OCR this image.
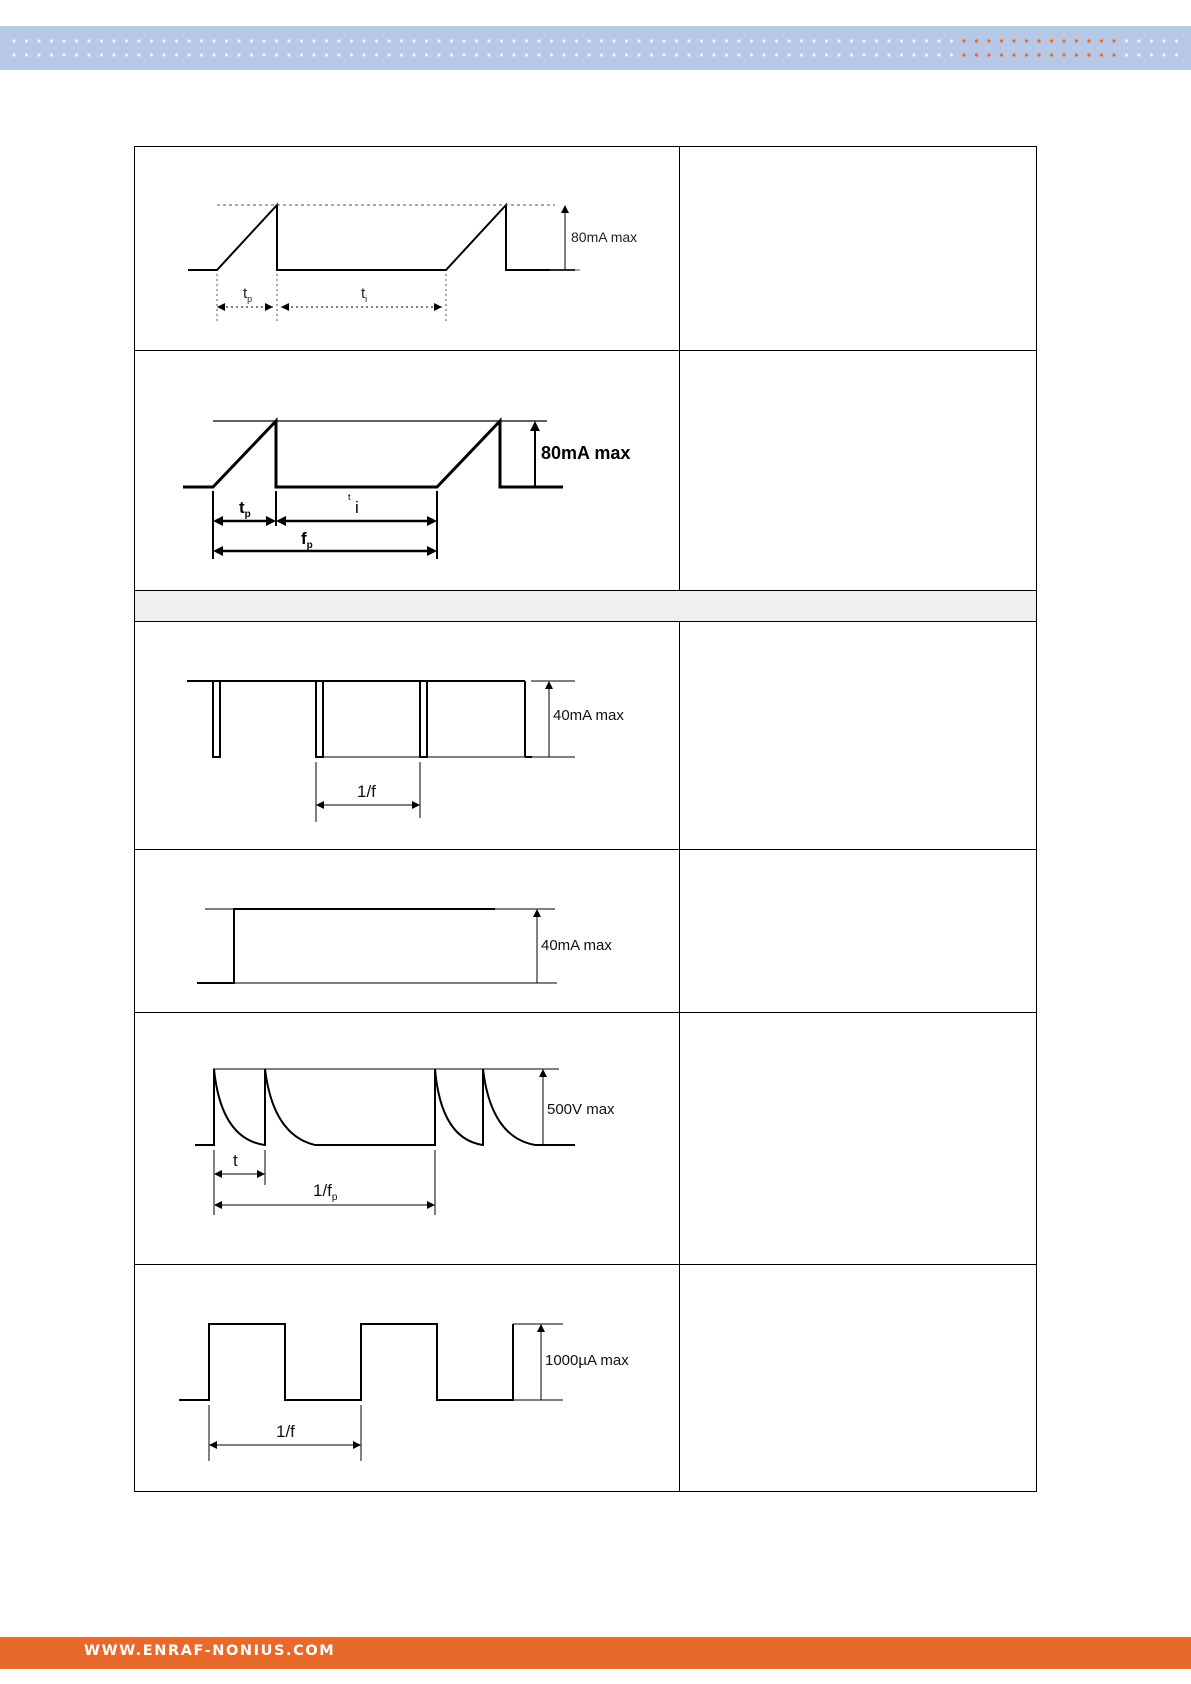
80mA max
$t_p$	$t_i$
80mA max
$t_p$
t
i
$f_p$
40mA max
1/f
40mA max
500V max
t
$1/f_p$
1000µA max
1/f
WWW.ENRAF-NONIUS.COM
